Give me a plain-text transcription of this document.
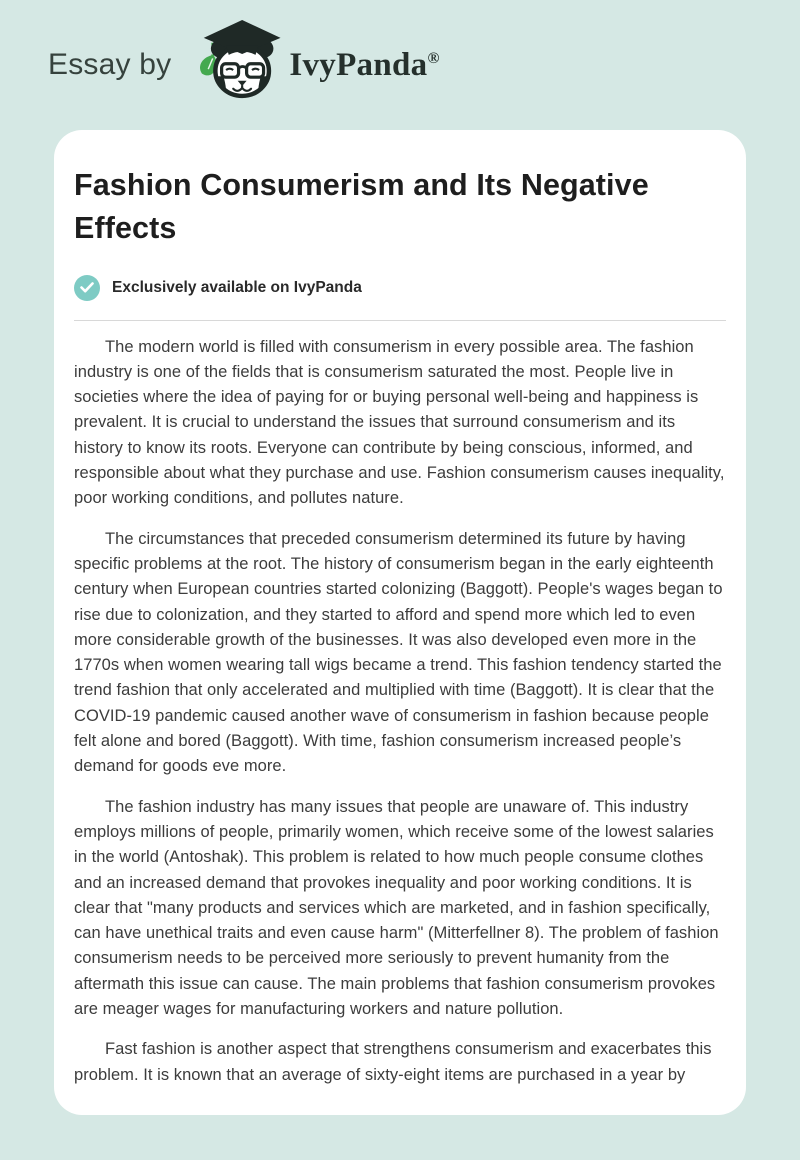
Essay by	IvyPanda®
Fashion Consumerism and Its Negative Effects
Exclusively available on IvyPanda

The modern world is filled with consumerism in every possible area. The fashion industry is one of the fields that is consumerism saturated the most. People live in societies where the idea of paying for or buying personal well-being and happiness is prevalent. It is crucial to understand the issues that surround consumerism and its history to know its roots. Everyone can contribute by being conscious, informed, and responsible about what they purchase and use. Fashion consumerism causes inequality, poor working conditions, and pollutes nature.

The circumstances that preceded consumerism determined its future by having specific problems at the root. The history of consumerism began in the early eighteenth century when European countries started colonizing (Baggott). People's wages began to rise due to colonization, and they started to afford and spend more which led to even more considerable growth of the businesses. It was also developed even more in the 1770s when women wearing tall wigs became a trend. This fashion tendency started the trend fashion that only accelerated and multiplied with time (Baggott). It is clear that the COVID-19 pandemic caused another wave of consumerism in fashion because people felt alone and bored (Baggott). With time, fashion consumerism increased people’s demand for goods eve more.

The fashion industry has many issues that people are unaware of. This industry employs millions of people, primarily women, which receive some of the lowest salaries in the world (Antoshak). This problem is related to how much people consume clothes and an increased demand that provokes inequality and poor working conditions. It is clear that "many products and services which are marketed, and in fashion specifically, can have unethical traits and even cause harm" (Mitterfellner 8). The problem of fashion consumerism needs to be perceived more seriously to prevent humanity from the aftermath this issue can cause. The main problems that fashion consumerism provokes are meager wages for manufacturing workers and nature pollution.

Fast fashion is another aspect that strengthens consumerism and exacerbates this problem. It is known that an average of sixty-eight items are purchased in a year by
